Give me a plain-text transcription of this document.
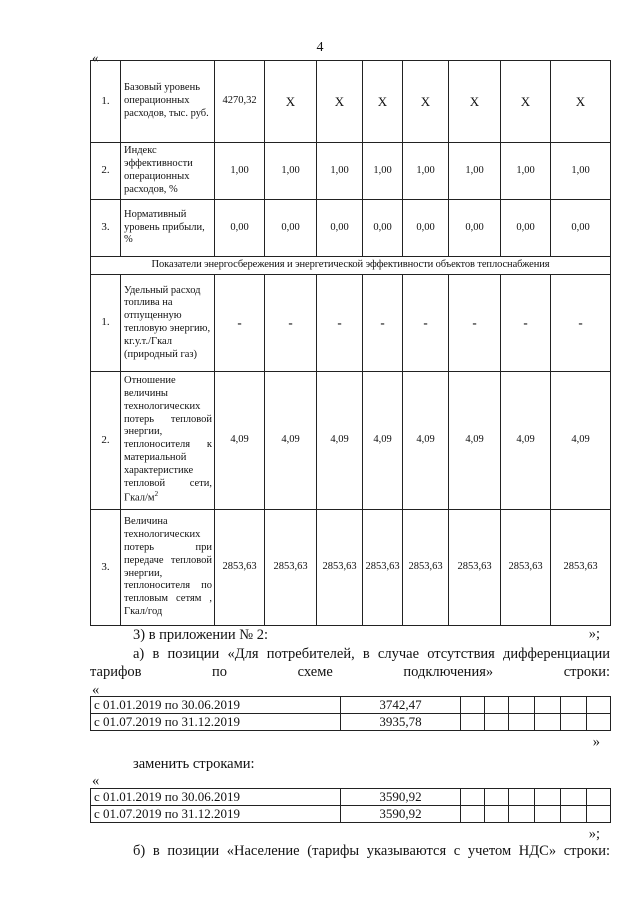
4
«
1.	Базовый уровень операционных расходов, тыс. руб.	4270,32	Х	Х	Х	Х	Х	Х	Х
2.	Индекс эффективности операционных расходов, %	1,00	1,00	1,00	1,00	1,00	1,00	1,00	1,00
3.	Нормативный уровень прибыли, %	0,00	0,00	0,00	0,00	0,00	0,00	0,00	0,00
Показатели энергосбережения и энергетической эффективности объектов теплоснабжения									
1.	Удельный расход топлива на отпущенную тепловую энергию, кг.у.т./Гкал (природный газ)	-	-	-	-	-	-	-	-
2.	Отношение величины технологических потерь тепловой энергии, теплоносителя к материальной характеристике тепловой сети, Гкал/$м^2$	4,09	4,09	4,09	4,09	4,09	4,09	4,09	4,09
3.	Величина технологических потерь при передаче тепловой энергии, теплоносителя по тепловым сетям , Гкал/год	2853,63	2853,63	2853,63	2853,63	2853,63	2853,63	2853,63	2853,63
»;
3) в приложении № 2:
а) в позиции «Для потребителей, в случае отсутствия дифференциации тарифов по схеме подключения» строки:
«
с 01.01.2019 по 30.06.2019	3742,47						
с 01.07.2019 по 31.12.2019	3935,78						
»
заменить строками:
«
с 01.01.2019 по 30.06.2019	3590,92						
с 01.07.2019 по 31.12.2019	3590,92						
»;
б) в позиции «Население (тарифы указываются с учетом НДС» строки:
